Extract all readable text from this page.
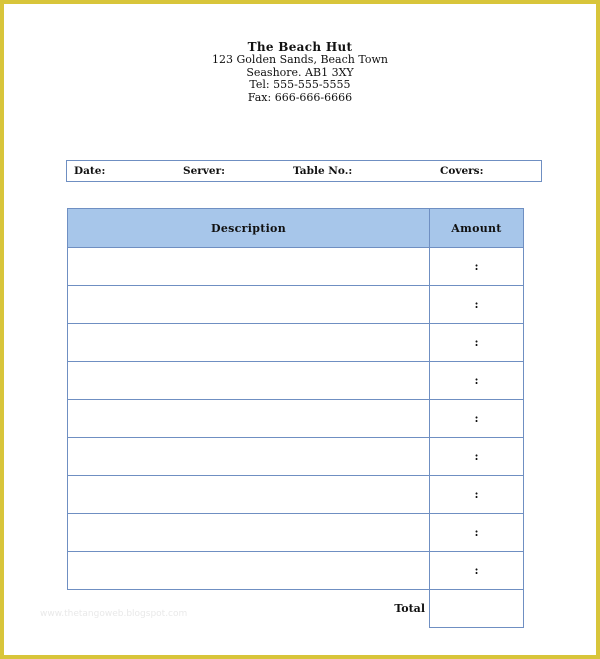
The Beach Hut
123 Golden Sands, Beach Town
Seashore. AB1 3XY
Tel: 555-555-5555
Fax: 666-666-6666
Date:	Server:	Table No.:	Covers:
Description	Amount
	:
	:
	:
	:
	:
	:
	:
	:
	:
Total	
www.thetangoweb.blogspot.com
